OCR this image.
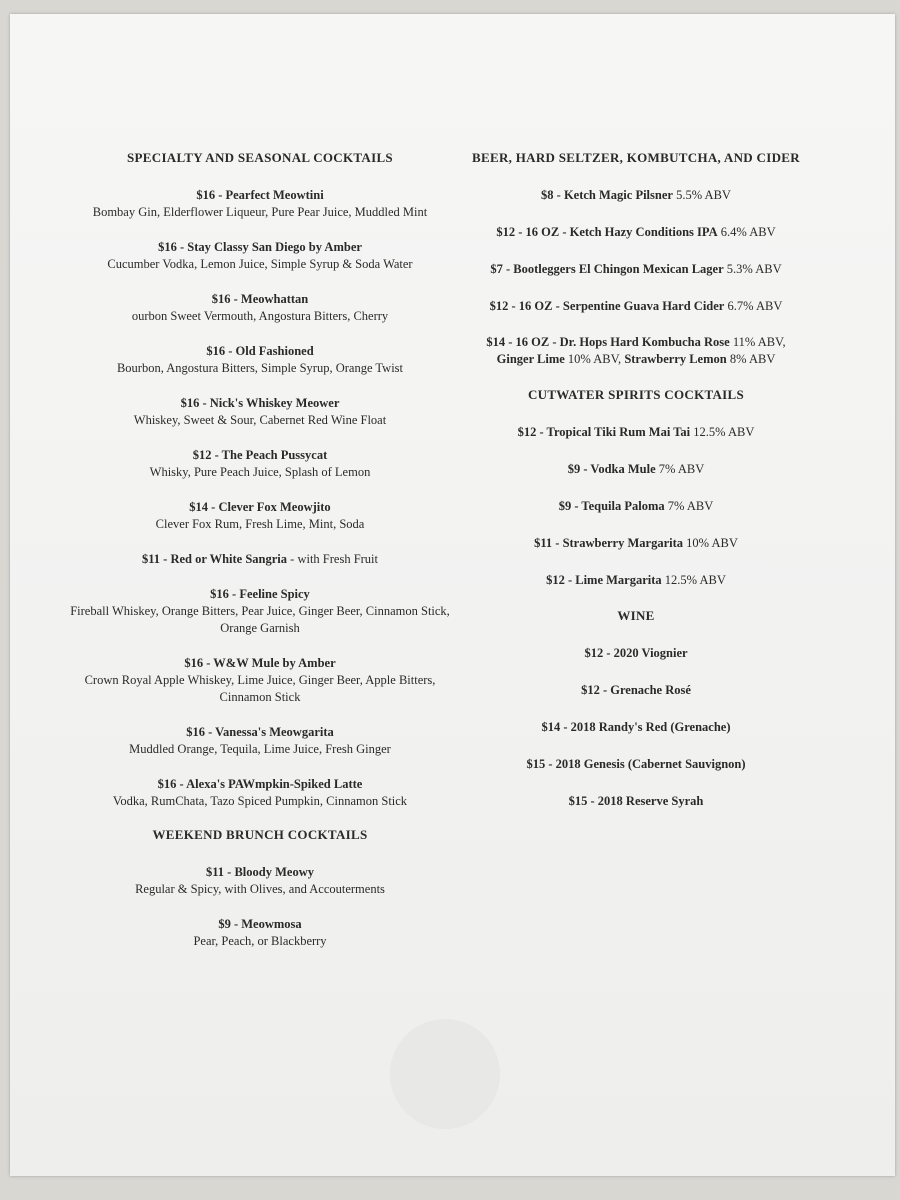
SPECIALTY AND SEASONAL COCKTAILS
$16 - Pearfect Meowtini
Bombay Gin, Elderflower Liqueur, Pure Pear Juice, Muddled Mint
$16 - Stay Classy San Diego by Amber
Cucumber Vodka, Lemon Juice, Simple Syrup & Soda Water
$16 - Meowhattan
ourbon Sweet Vermouth, Angostura Bitters, Cherry
$16 - Old Fashioned
Bourbon, Angostura Bitters, Simple Syrup, Orange Twist
$16 - Nick's Whiskey Meower
Whiskey, Sweet & Sour, Cabernet Red Wine Float
$12 - The Peach Pussycat
Whisky, Pure Peach Juice, Splash of Lemon
$14 - Clever Fox Meowjito
Clever Fox Rum, Fresh Lime, Mint, Soda
$11 - Red or White Sangria - with Fresh Fruit
$16 - Feeline Spicy
Fireball Whiskey, Orange Bitters, Pear Juice, Ginger Beer, Cinnamon Stick, Orange Garnish
$16 - W&W Mule by Amber
Crown Royal Apple Whiskey, Lime Juice, Ginger Beer, Apple Bitters, Cinnamon Stick
$16 - Vanessa's Meowgarita
Muddled Orange, Tequila, Lime Juice, Fresh Ginger
$16 - Alexa's PAWmpkin-Spiked Latte
Vodka, RumChata, Tazo Spiced Pumpkin, Cinnamon Stick
WEEKEND BRUNCH COCKTAILS
$11 - Bloody Meowy
Regular & Spicy, with Olives, and Accouterments
$9 - Meowmosa
Pear, Peach, or Blackberry
BEER, HARD SELTZER, KOMBUTCHA, AND CIDER
$8 - Ketch Magic Pilsner 5.5% ABV
$12 - 16 OZ - Ketch Hazy Conditions IPA 6.4% ABV
$7 - Bootleggers El Chingon Mexican Lager 5.3% ABV
$12 - 16 OZ - Serpentine Guava Hard Cider 6.7% ABV
$14 - 16 OZ - Dr. Hops Hard Kombucha Rose 11% ABV,
Ginger Lime 10% ABV, Strawberry Lemon 8% ABV
CUTWATER SPIRITS COCKTAILS
$12 - Tropical Tiki Rum Mai Tai 12.5% ABV
$9 - Vodka Mule 7% ABV
$9 - Tequila Paloma 7% ABV
$11 - Strawberry Margarita 10% ABV
$12 - Lime Margarita 12.5% ABV
WINE
$12 - 2020 Viognier
$12 - Grenache Rosé
$14 - 2018 Randy's Red (Grenache)
$15 - 2018 Genesis (Cabernet Sauvignon)
$15 - 2018 Reserve Syrah
